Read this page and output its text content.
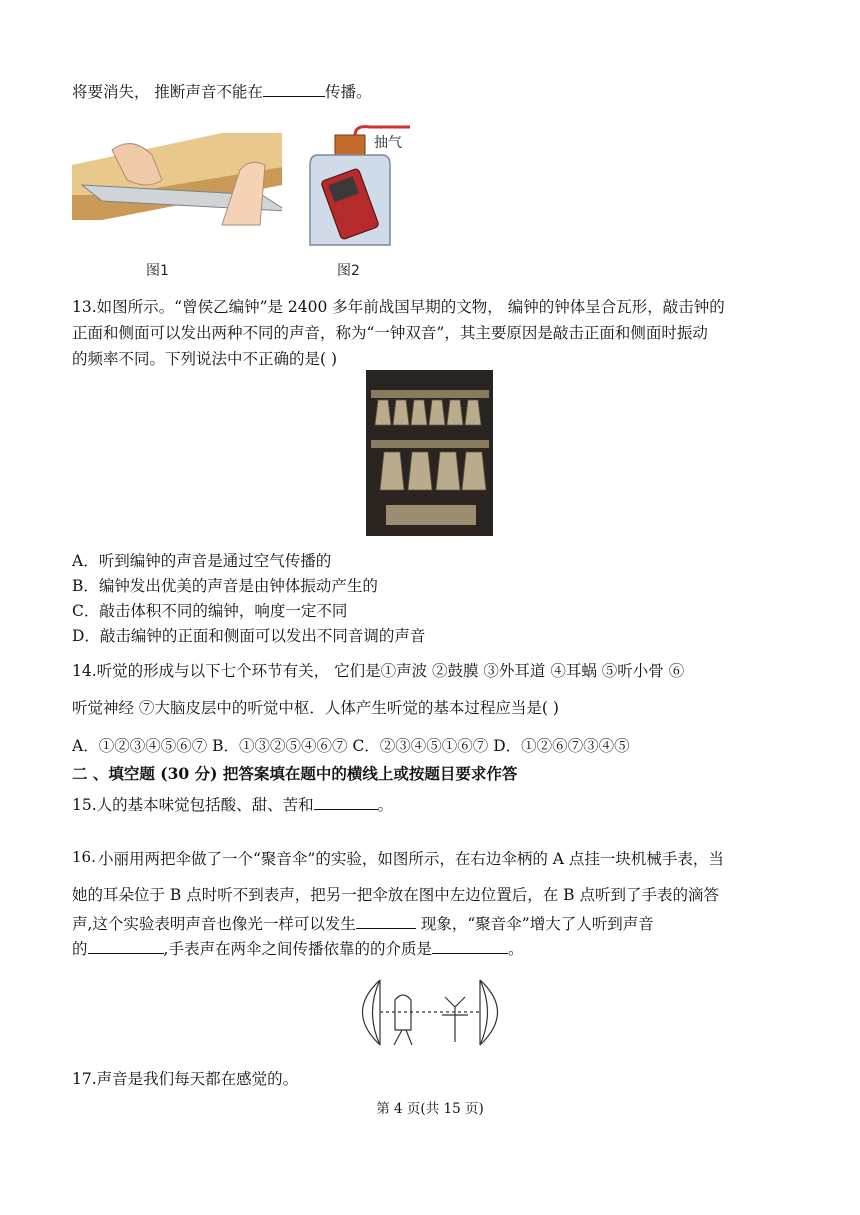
将要消失， 推断声音不能在	传播。
图1
抽气
图2
13.如图所示。“曾侯乙编钟”是 2400 多年前战国早期的文物， 编钟的钟体呈合瓦形，敲击钟的
正面和侧面可以发出两种不同的声音，称为“一钟双音”，其主要原因是敲击正面和侧面时振动
的频率不同。下列说法中不正确的是( )
A．听到编钟的声音是通过空气传播的
B．编钟发出优美的声音是由钟体振动产生的
C．敲击体积不同的编钟，响度一定不同
D．敲击编钟的正面和侧面可以发出不同音调的声音
14.听觉的形成与以下七个环节有关， 它们是①声波 ②鼓膜 ③外耳道 ④耳蜗 ⑤听小骨 ⑥
听觉神经 ⑦大脑皮层中的听觉中枢．人体产生听觉的基本过程应当是( )
A．①②③④⑤⑥⑦ B．①③②⑤④⑥⑦ C．②③④⑤①⑥⑦ D．①②⑥⑦③④⑤
二 、填空题 (30 分) 把答案填在题中的横线上或按题目要求作答
15.人的基本味觉包括酸、甜、苦和	。
16. 小丽用两把伞做了一个“聚音伞”的实验，如图所示，在右边伞柄的 A 点挂一块机械手表，当
她的耳朵位于 B 点时听不到表声，把另一把伞放在图中左边位置后，在 B 点听到了手表的滴答
声,这个实验表明声音也像光一样可以发生	现象，“聚音伞”增大了人听到声音
的	,手表声在两伞之间传播依靠的的介质是	。
17.声音是我们每天都在感觉的。
第 4 页(共 15 页)
